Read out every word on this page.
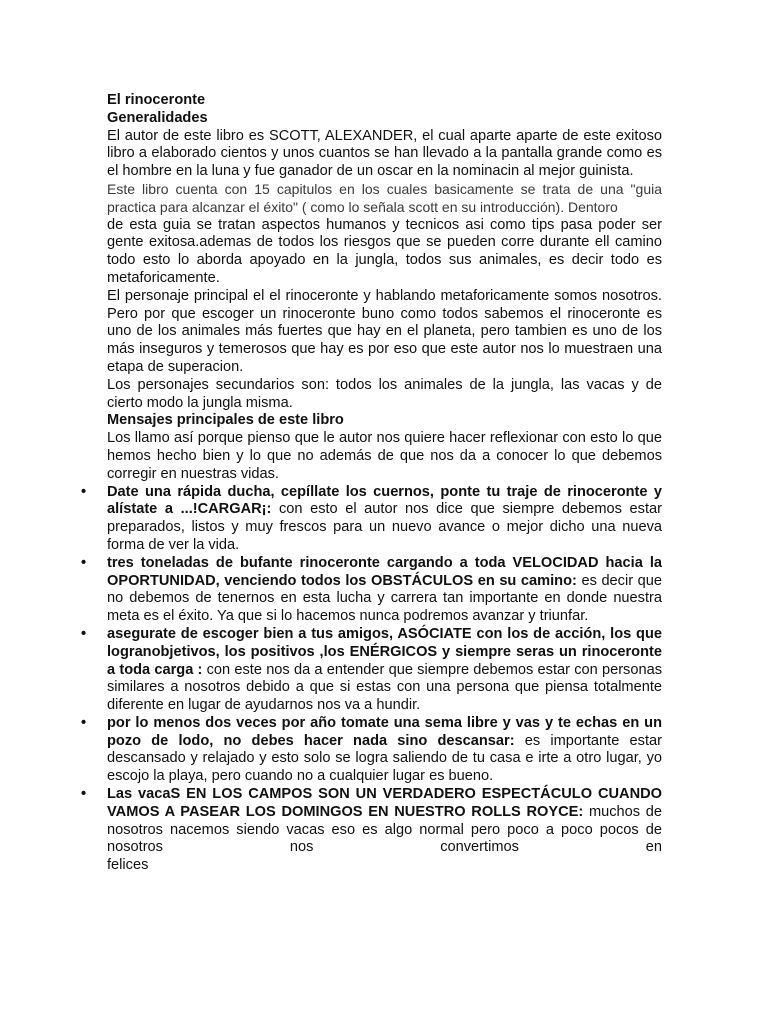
El rinoceronte

Generalidades

El autor de este libro es SCOTT, ALEXANDER, el cual aparte aparte de este exitoso libro a elaborado cientos y unos cuantos se han llevado a la pantalla grande como es el hombre en la luna y fue ganador de un oscar en la nominacin al mejor guinista.

Este libro cuenta con 15 capitulos en los cuales basicamente se trata de una "guia practica para alcanzar el éxito" ( como lo señala scott en su introducción). Dentoro

de esta guia se tratan aspectos humanos y tecnicos asi como tips pasa poder ser gente exitosa.ademas de todos los riesgos que se pueden corre durante ell camino todo esto lo aborda apoyado en la jungla, todos sus animales, es decir todo es metaforicamente.

El personaje principal el el rinoceronte y hablando metaforicamente somos nosotros. Pero por que escoger un rinoceronte buno como todos sabemos el rinoceronte es uno de los animales más fuertes que hay en el planeta, pero tambien es uno de los más inseguros y temerosos que hay es por eso que este autor nos lo muestraen una etapa de superacion.

Los personajes secundarios son: todos los animales de la jungla, las vacas y de cierto modo la jungla misma.

Mensajes principales de este libro

Los llamo así porque pienso que le autor nos quiere hacer reflexionar con esto lo que hemos hecho bien y lo que no además de que nos da a conocer lo que debemos corregir en nuestras vidas.

• Date una rápida ducha, cepíllate los cuernos, ponte tu traje de rinoceronte y alístate a ...!CARGAR¡: con esto el autor nos dice que siempre debemos estar preparados, listos y muy frescos para un nuevo avance o mejor dicho una nueva forma de ver la vida.
• tres toneladas de bufante rinoceronte cargando a toda VELOCIDAD hacia la OPORTUNIDAD, venciendo todos los OBSTÁCULOS en su camino: es decir que no debemos de tenernos en esta lucha y carrera tan importante en donde nuestra meta es el éxito. Ya que si lo hacemos nunca podremos avanzar y triunfar.
• asegurate de escoger bien a tus amigos, ASÓCIATE con los de acción, los que logranobjetivos, los positivos ,los ENÉRGICOS y siempre seras un rinoceronte a toda carga : con este nos da a entender que siempre debemos estar con personas similares a nosotros debido a que si estas con una persona que piensa totalmente diferente en lugar de ayudarnos nos va a hundir.
• por lo menos dos veces por año tomate una sema libre y vas y te echas en un pozo de lodo, no debes hacer nada sino descansar: es importante estar descansado y relajado y esto solo se logra saliendo de tu casa e irte a otro lugar, yo escojo la playa, pero cuando no a cualquier lugar es bueno.
• Las vacaS EN LOS CAMPOS SON UN VERDADERO ESPECTÁCULO CUANDO VAMOS A PASEAR LOS DOMINGOS EN NUESTRO ROLLS ROYCE: muchos de nosotros nacemos siendo vacas eso es algo normal pero poco a poco pocos de nosotros nos convertimos en
felices
